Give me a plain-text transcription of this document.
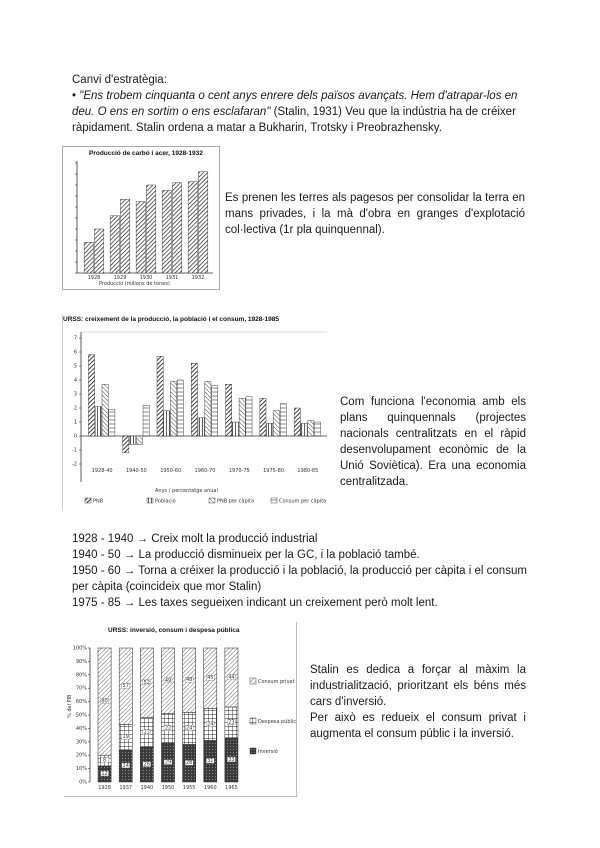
Canvi d'estratègia:
• "Ens trobem cinquanta o cent anys enrere dels països avançats. Hem d'atrapar-los en deu. O ens en sortim o ens esclafaran" (Stalin, 1931) Veu que la indústria ha de créixer ràpidament. Stalin ordena a matar a Bukharin, Trotsky i Preobrazhensky.
Producció de carbó i acer, 1928-1932
1928	1929	1930	1931	1932
Producció (milions de tones)
Es prenen les terres als pagesos per consolidar la terra en mans privades, i la mà d'obra en granges d'explotació col·lectiva (1r pla quinquennal).
URSS: creixement de la producció, la població i el consum, 1928-1985
-2
-1
0
1
2
3
4
5
6
7
1928-40	1940-50	1950-60	1960-70	1970-75	1975-80	1980-85
Anys / percentatge anual
PNB	Població	PNB per càpita	Consum per càpita
Com funciona l'economia amb els plans quinquennals (projectes nacionals centralitzats en el ràpid desenvolupament econòmic de la Unió Soviètica). Era una economia centralitzada.
1928 - 1940 → Creix molt la producció industrial
1940 - 50 → La producció disminueix per la GC, i la població també.
1950 - 60 → Torna a créixer la producció i la població, la producció per càpita i el consum per càpita (coincideix que mor Stalin)
1975 - 85 → Les taxes segueixen indicant un creixement però molt lent.
URSS: inversió, consum i despesa pública
% del PIB
0%
10%
20%
30%
40%
50%
60%
70%
80%
90%
100%
12
8
80
1928
24
19
57
1937
26
22
52
1940
29
22
49
1950
28
24
48
1955
31
24
45
1960
33
23
44
1965
Consum privat
Despesa pública
Inversió
Stalin es dedica a forçar al màxim la industrialització, prioritzant els béns més cars d'inversió.
Per això es redueix el consum privat i augmenta el consum públic i la inversió.
